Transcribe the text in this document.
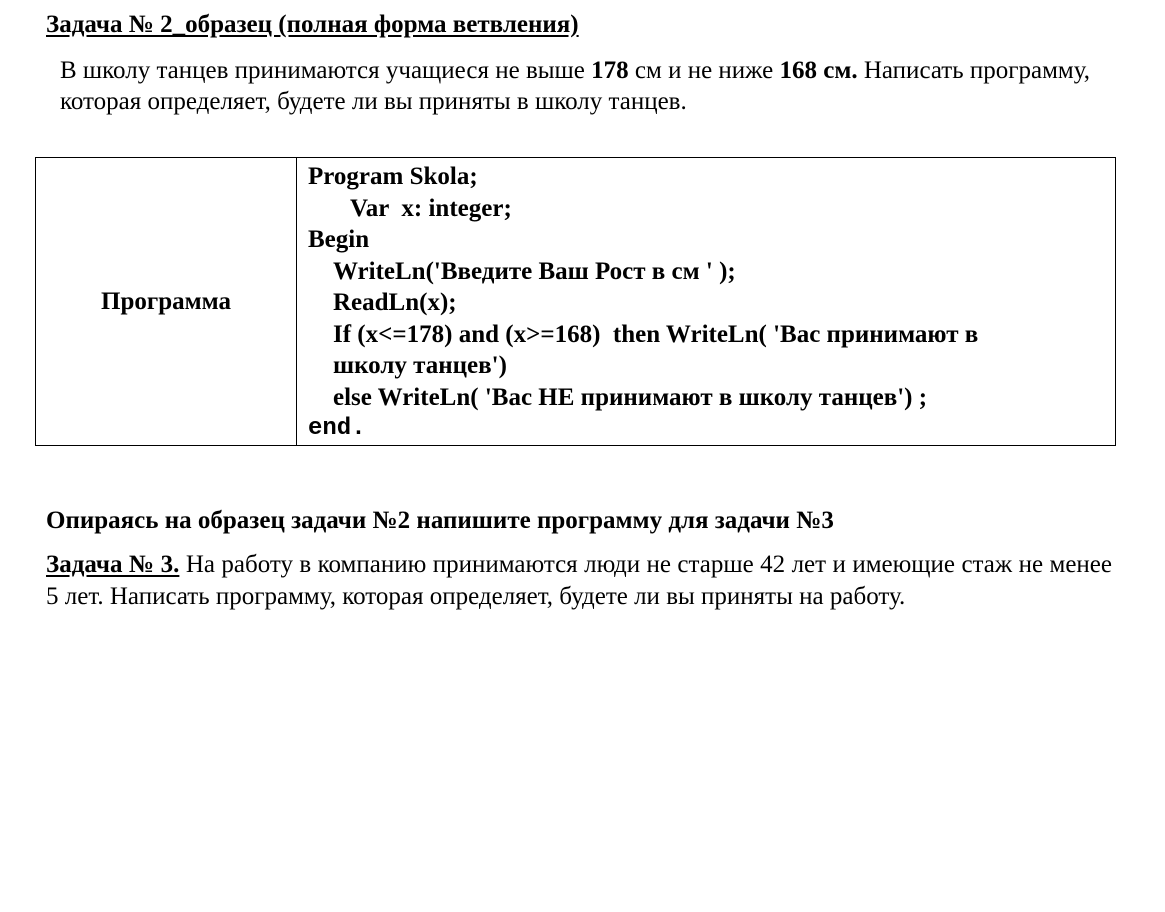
Задача № 2_образец (полная форма ветвления)
В школу танцев принимаются учащиеся не выше 178 см и не ниже 168 см. Написать программу, которая определяет, будете ли вы приняты в школу танцев.
Программа	
Program Skola;
Var  x: integer;
Begin
WriteLn('Введите Ваш Рост в см ' );
ReadLn(x);
If (x<=178) and (x>=168)  then WriteLn( 'Вас принимают в
школу танцев')
else WriteLn( 'Вас НЕ принимают в школу танцев') ;
end.
Опираясь на образец задачи №2 напишите программу для задачи №3
Задача № 3. На работу в компанию принимаются люди не старше 42 лет и имеющие стаж не менее 5 лет. Написать программу, которая определяет, будете ли вы приняты на работу.
